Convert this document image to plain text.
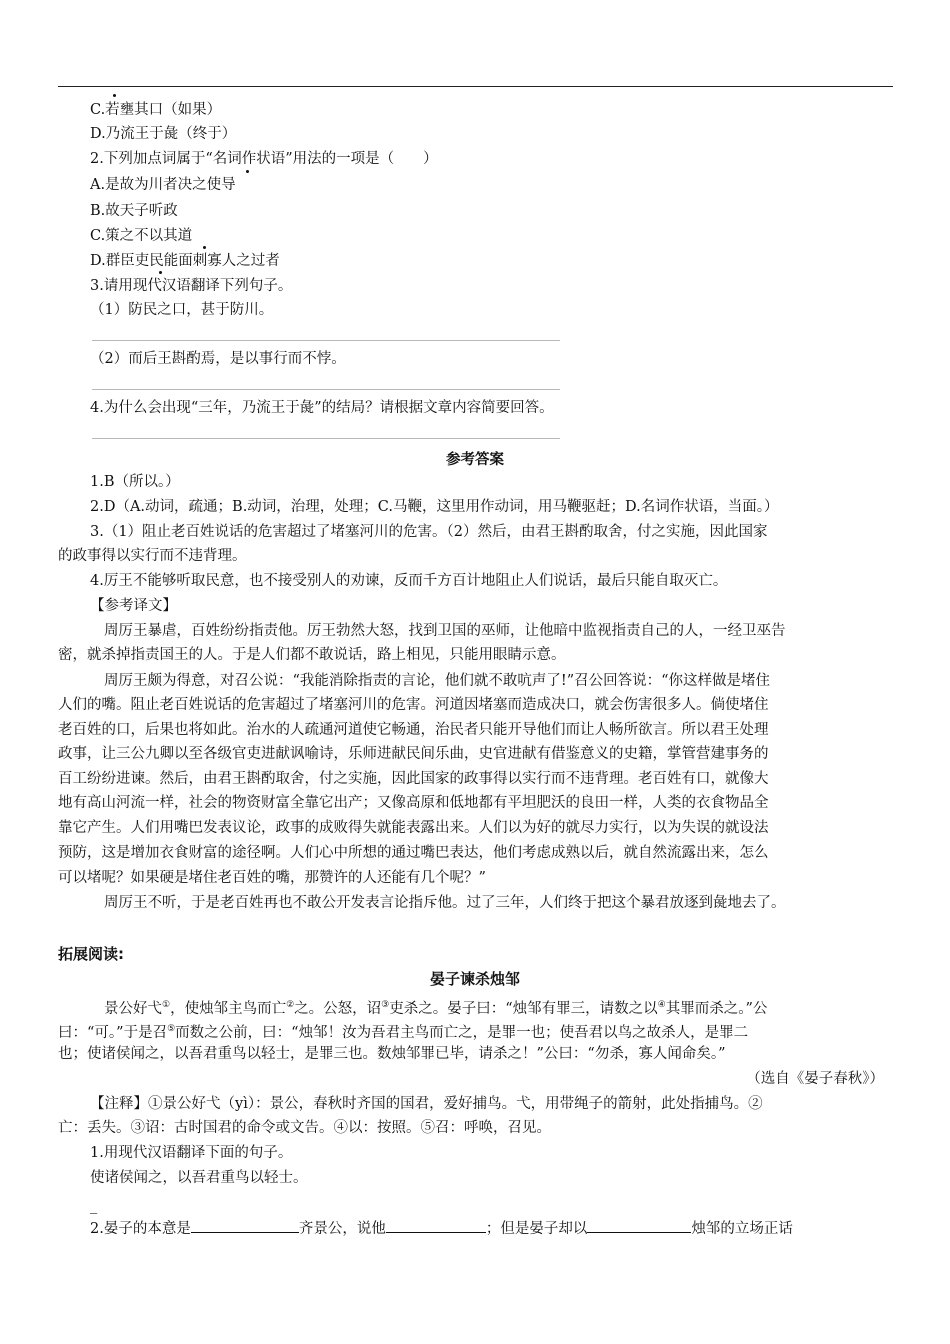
C.若壅其口（如果）
D.乃流王于彘（终于）
2.下列加点词属于“名词作状语”用法的一项是（　　）
A.是故为川者决之使导
B.故天子听政
C.策之不以其道
D.群臣吏民能面刺寡人之过者
3.请用现代汉语翻译下列句子。
（1）防民之口，甚于防川。
（2）而后王斟酌焉，是以事行而不悖。
4.为什么会出现“三年，乃流王于彘”的结局？请根据文章内容简要回答。
参考答案
1.B（所以。）
2.D（A.动词，疏通；B.动词，治理，处理；C.马鞭，这里用作动词，用马鞭驱赶；D.名词作状语，当面。）
3.（1）阻止老百姓说话的危害超过了堵塞河川的危害。（2）然后，由君王斟酌取舍，付之实施，因此国家
的政事得以实行而不违背理。
4.厉王不能够听取民意，也不接受别人的劝谏，反而千方百计地阻止人们说话，最后只能自取灭亡。
【参考译文】
周厉王暴虐，百姓纷纷指责他。厉王勃然大怒，找到卫国的巫师，让他暗中监视指责自己的人，一经卫巫告
密，就杀掉指责国王的人。于是人们都不敢说话，路上相见，只能用眼睛示意。
周厉王颇为得意，对召公说：“我能消除指责的言论，他们就不敢吭声了!”召公回答说：“你这样做是堵住
人们的嘴。阻止老百姓说话的危害超过了堵塞河川的危害。河道因堵塞而造成决口，就会伤害很多人。倘使堵住
老百姓的口，后果也将如此。治水的人疏通河道使它畅通，治民者只能开导他们而让人畅所欲言。所以君王处理
政事，让三公九卿以至各级官吏进献讽喻诗，乐师进献民间乐曲，史官进献有借鉴意义的史籍，掌管营建事务的
百工纷纷进谏。然后，由君王斟酌取舍，付之实施，因此国家的政事得以实行而不违背理。老百姓有口，就像大
地有高山河流一样，社会的物资财富全靠它出产；又像高原和低地都有平坦肥沃的良田一样，人类的衣食物品全
靠它产生。人们用嘴巴发表议论，政事的成败得失就能表露出来。人们以为好的就尽力实行，以为失误的就设法
预防，这是增加衣食财富的途径啊。人们心中所想的通过嘴巴表达，他们考虑成熟以后，就自然流露出来，怎么
可以堵呢？如果硬是堵住老百姓的嘴，那赞许的人还能有几个呢？”
周厉王不听，于是老百姓再也不敢公开发表言论指斥他。过了三年，人们终于把这个暴君放逐到彘地去了。
拓展阅读:
晏子谏杀烛邹
景公好弋①，使烛邹主鸟而亡②之。公怒，诏③吏杀之。晏子曰：“烛邹有罪三，请数之以④其罪而杀之。”公
曰：“可。”于是召⑤而数之公前，曰：“烛邹！汝为吾君主鸟而亡之，是罪一也；使吾君以鸟之故杀人，是罪二
也；使诸侯闻之，以吾君重鸟以轻士，是罪三也。数烛邹罪已毕，请杀之！”公曰：“勿杀，寡人闻命矣。”
（选自《晏子春秋》）
【注释】①景公好弋（yì）：景公，春秋时齐国的国君，爱好捕鸟。弋，用带绳子的箭射，此处指捕鸟。②
亡：丢失。③诏：古时国君的命令或文告。④以：按照。⑤召：呼唤，召见。
1.用现代汉语翻译下面的句子。
使诸侯闻之，以吾君重鸟以轻士。
_
2.晏子的本意是	齐景公，说他	；但是晏子却以	烛邹的立场正话
